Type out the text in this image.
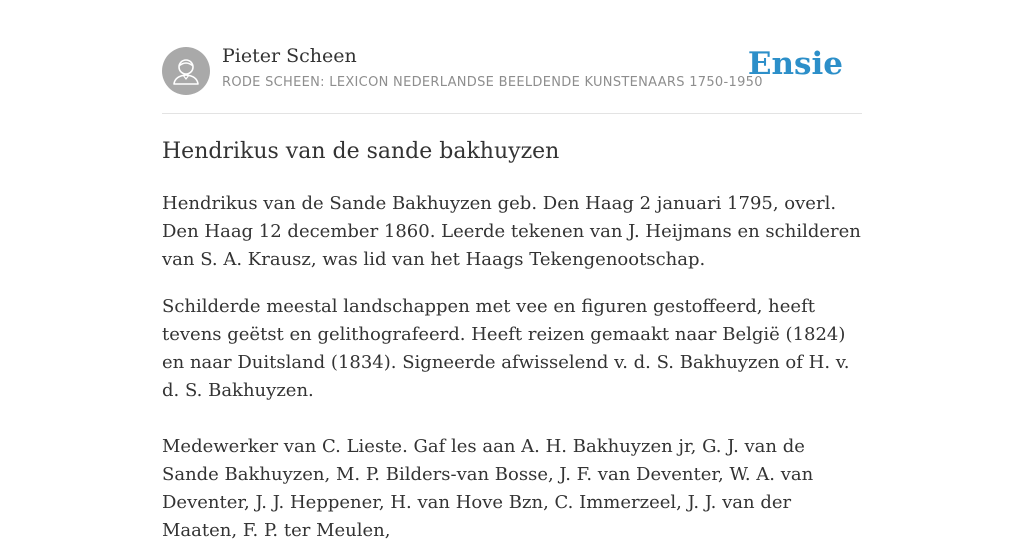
Pieter Scheen
RODE SCHEEN: LEXICON NEDERLANDSE BEELDENDE KUNSTENAARS 1750-1950
Ensie
Hendrikus van de sande bakhuyzen

Hendrikus van de Sande Bakhuyzen geb. Den Haag 2 januari 1795, overl. Den Haag 12 december 1860. Leerde tekenen van J. Heijmans en schilderen van S. A. Krausz, was lid van het Haags Tekengenootschap.

Schilderde meestal landschappen met vee en figuren gestoffeerd, heeft tevens geëtst en gelithografeerd. Heeft reizen gemaakt naar België (1824) en naar Duitsland (1834). Signeerde afwisselend v. d. S. Bakhuyzen of H. v. d. S. Bakhuyzen.

Medewerker van C. Lieste. Gaf les aan A. H. Bakhuyzen jr, G. J. van de Sande Bakhuyzen, M. P. Bilders-van Bosse, J. F. van Deventer, W. A. van Deventer, J. J. Heppener, H. van Hove Bzn, C. Immerzeel, J. J. van der Maaten, F. P. ter Meulen,
